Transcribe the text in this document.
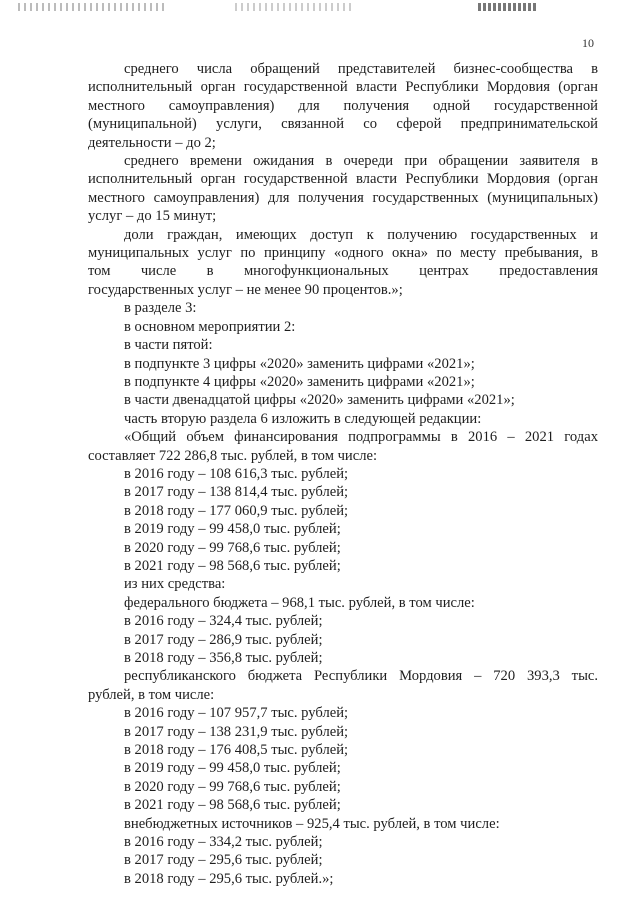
10
среднего числа обращений представителей бизнес-сообщества в
исполнительный орган государственной власти Республики Мордовия (орган
местного самоуправления) для получения одной государственной
(муниципальной) услуги, связанной со сферой предпринимательской
деятельности – до 2;
среднего времени ожидания в очереди при обращении заявителя в
исполнительный орган государственной власти Республики Мордовия (орган
местного самоуправления) для получения государственных (муниципальных)
услуг – до 15 минут;
доли граждан, имеющих доступ к получению государственных и
муниципальных услуг по принципу «одного окна» по месту пребывания, в
том числе в многофункциональных центрах предоставления
государственных услуг – не менее 90 процентов.»;
в разделе 3:
в основном мероприятии 2:
в части пятой:
в подпункте 3 цифры «2020» заменить цифрами «2021»;
в подпункте 4 цифры «2020» заменить цифрами «2021»;
в части двенадцатой цифры «2020» заменить цифрами «2021»;
часть вторую раздела 6 изложить в следующей редакции:
«Общий объем финансирования подпрограммы в 2016 – 2021 годах
составляет 722 286,8 тыс. рублей, в том числе:
в 2016 году – 108 616,3 тыс. рублей;
в 2017 году – 138 814,4 тыс. рублей;
в 2018 году – 177 060,9 тыс. рублей;
в 2019 году – 99 458,0 тыс. рублей;
в 2020 году – 99 768,6 тыс. рублей;
в 2021 году – 98 568,6 тыс. рублей;
из них средства:
федерального бюджета – 968,1 тыс. рублей, в том числе:
в 2016 году – 324,4 тыс. рублей;
в 2017 году – 286,9 тыс. рублей;
в 2018 году – 356,8 тыс. рублей;
республиканского бюджета Республики Мордовия – 720 393,3 тыс.
рублей, в том числе:
в 2016 году – 107 957,7 тыс. рублей;
в 2017 году – 138 231,9 тыс. рублей;
в 2018 году – 176 408,5 тыс. рублей;
в 2019 году – 99 458,0 тыс. рублей;
в 2020 году – 99 768,6 тыс. рублей;
в 2021 году – 98 568,6 тыс. рублей;
внебюджетных источников – 925,4 тыс. рублей, в том числе:
в 2016 году – 334,2 тыс. рублей;
в 2017 году – 295,6 тыс. рублей;
в 2018 году – 295,6 тыс. рублей.»;
